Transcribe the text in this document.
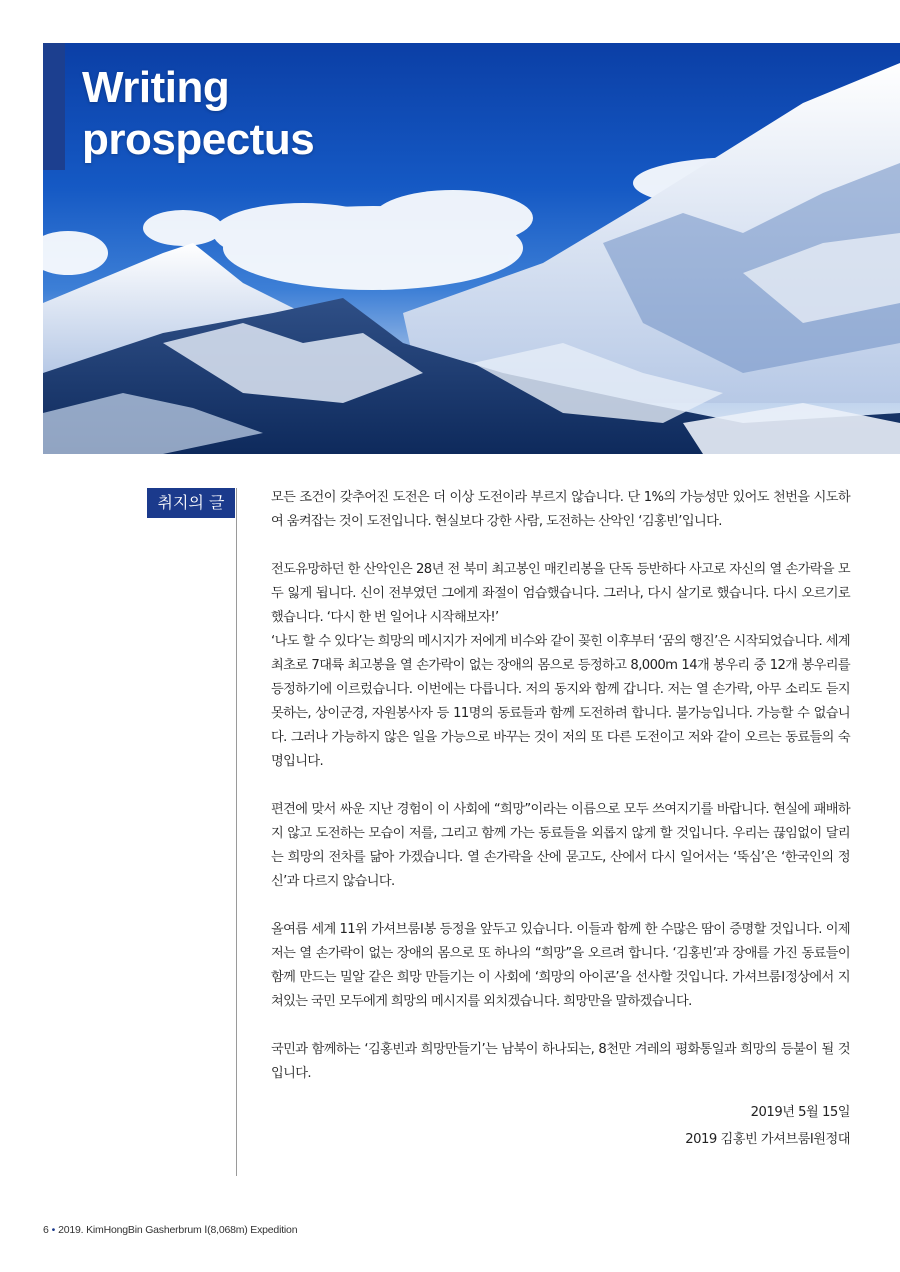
Writing
prospectus
취지의 글	모든 조건이 갖추어진 도전은 더 이상 도전이라 부르지 않습니다. 단 1%의 가능성만 있어도 천번을 시도하여 움켜잡는 것이 도전입니다. 현실보다 강한 사람, 도전하는 산악인 ‘김홍빈’입니다.

전도유망하던 한 산악인은 28년 전 북미 최고봉인 매킨리봉을 단독 등반하다 사고로 자신의 열 손가락을 모두 잃게 됩니다. 신이 전부였던 그에게 좌절이 엄습했습니다. 그러나, 다시 살기로 했습니다. 다시 오르기로 했습니다. ‘다시 한 번 일어나 시작해보자!’

‘나도 할 수 있다’는 희망의 메시지가 저에게 비수와 같이 꽂힌 이후부터 ‘꿈의 행진’은 시작되었습니다. 세계최초로 7대륙 최고봉을 열 손가락이 없는 장애의 몸으로 등정하고 8,000m 14개 봉우리 중 12개 봉우리를 등정하기에 이르렀습니다. 이번에는 다릅니다. 저의 동지와 함께 갑니다. 저는 열 손가락, 아무 소리도 듣지 못하는, 상이군경, 자원봉사자 등 11명의 동료들과 함께 도전하려 합니다. 불가능입니다. 가능할 수 없습니다. 그러나 가능하지 않은 일을 가능으로 바꾸는 것이 저의 또 다른 도전이고 저와 같이 오르는 동료들의 숙명입니다.

편견에 맞서 싸운 지난 경험이 이 사회에 “희망”이라는 이름으로 모두 쓰여지기를 바랍니다. 현실에 패배하지 않고 도전하는 모습이 저를, 그리고 함께 가는 동료들을 외롭지 않게 할 것입니다. 우리는 끊임없이 달리는 희망의 전차를 닮아 가겠습니다. 열 손가락을 산에 묻고도, 산에서 다시 일어서는 ‘뚝심’은 ‘한국인의 정신’과 다르지 않습니다.

올여름 세계 11위 가셔브룸Ⅰ봉 등정을 앞두고 있습니다. 이들과 함께 한 수많은 땀이 증명할 것입니다. 이제 저는 열 손가락이 없는 장애의 몸으로 또 하나의 “희망”을 오르려 합니다. ‘김홍빈’과 장애를 가진 동료들이 함께 만드는 밀알 같은 희망 만들기는 이 사회에 ‘희망의 아이콘’을 선사할 것입니다. 가셔브룸Ⅰ정상에서 지쳐있는 국민 모두에게 희망의 메시지를 외치겠습니다. 희망만을 말하겠습니다.

국민과 함께하는 ‘김홍빈과 희망만들기’는 남북이 하나되는, 8천만 겨레의 평화통일과 희망의 등불이 될 것입니다.

2019년 5월 15일
2019 김홍빈 가셔브룸Ⅰ원정대
6 • 2019. KimHongBin Gasherbrum Ⅰ(8,068m) Expedition
